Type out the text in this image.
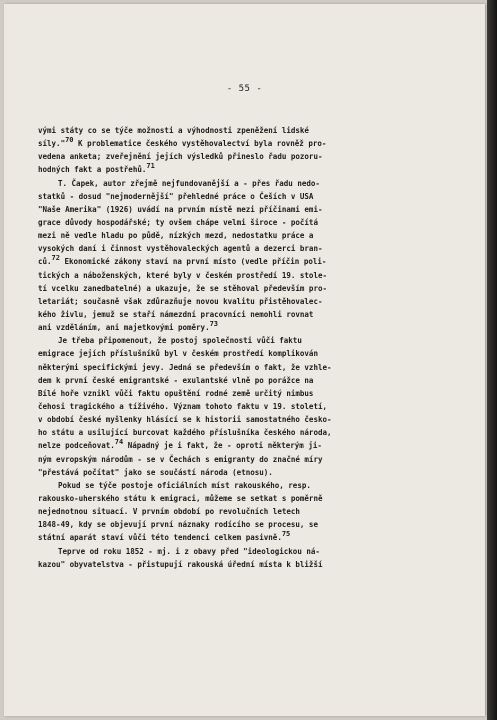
- 55 -
vými státy co se týče možnosti a výhodnosti zpeněžení lidské
síly."70 K problematice českého vystěhovalectví byla rovněž pro-
vedena anketa; zveřejnění jejích výsledků přineslo řadu pozoru-
hodných fakt a postřehů.71
T. Čapek, autor zřejmě nejfundovanější a - přes řadu nedo-
statků - dosud "nejmodernější" přehledné práce o Češích v USA
"Naše Amerika" (1926) uvádí na prvním místě mezi příčinami emi-
grace důvody hospodářské; ty ovšem chápe velmi široce - počítá
mezi ně vedle hladu po půdě, nízkých mezd, nedostatku práce a
vysokých daní i činnost vystěhovaleckých agentů a dezerci bran-
ců.72 Ekonomické zákony staví na první místo (vedle příčin poli-
tických a náboženských, které byly v českém prostředí 19. stole-
tí vcelku zanedbatelné) a ukazuje, že se stěhoval především pro-
letariát; současně však zdůrazňuje novou kvalitu přistěhovalec-
kého živlu, jemuž se staří námezdní pracovníci nemohli rovnat
ani vzděláním, ani majetkovými poměry.73
Je třeba připomenout, že postoj společnosti vůči faktu
emigrace jejích příslušníků byl v českém prostředí komplikován
některými specifickými jevy. Jedná se především o fakt, že vzhle-
dem k první české emigrantské - exulantské vlně po porážce na
Bílé hoře vznikl vůči faktu opuštění rodné země určitý nimbus
čehosi tragického a tíživého. Význam tohoto faktu v 19. století,
v období české myšlenky hlásící se k historii samostatného česko-
ho státu a usilující burcovat každého příslušníka českého národa,
nelze podceňovat.74 Nápadný je i fakt, že - oproti některým ji-
ným evropským národům - se v Čechách s emigranty do značné míry
"přestává počítat" jako se součástí národa (etnosu).
Pokud se týče postoje oficiálních míst rakouského, resp.
rakousko-uherského státu k emigraci, můžeme se setkat s poměrně
nejednotnou situací. V prvním období po revolučních letech
1848-49, kdy se objevují první náznaky rodícího se procesu, se
státní aparát staví vůči této tendenci celkem pasivně.75
Teprve od roku 1852 - mj. i z obavy před "ideologickou ná-
kazou" obyvatelstva - přistupují rakouská úřední místa k bližší
